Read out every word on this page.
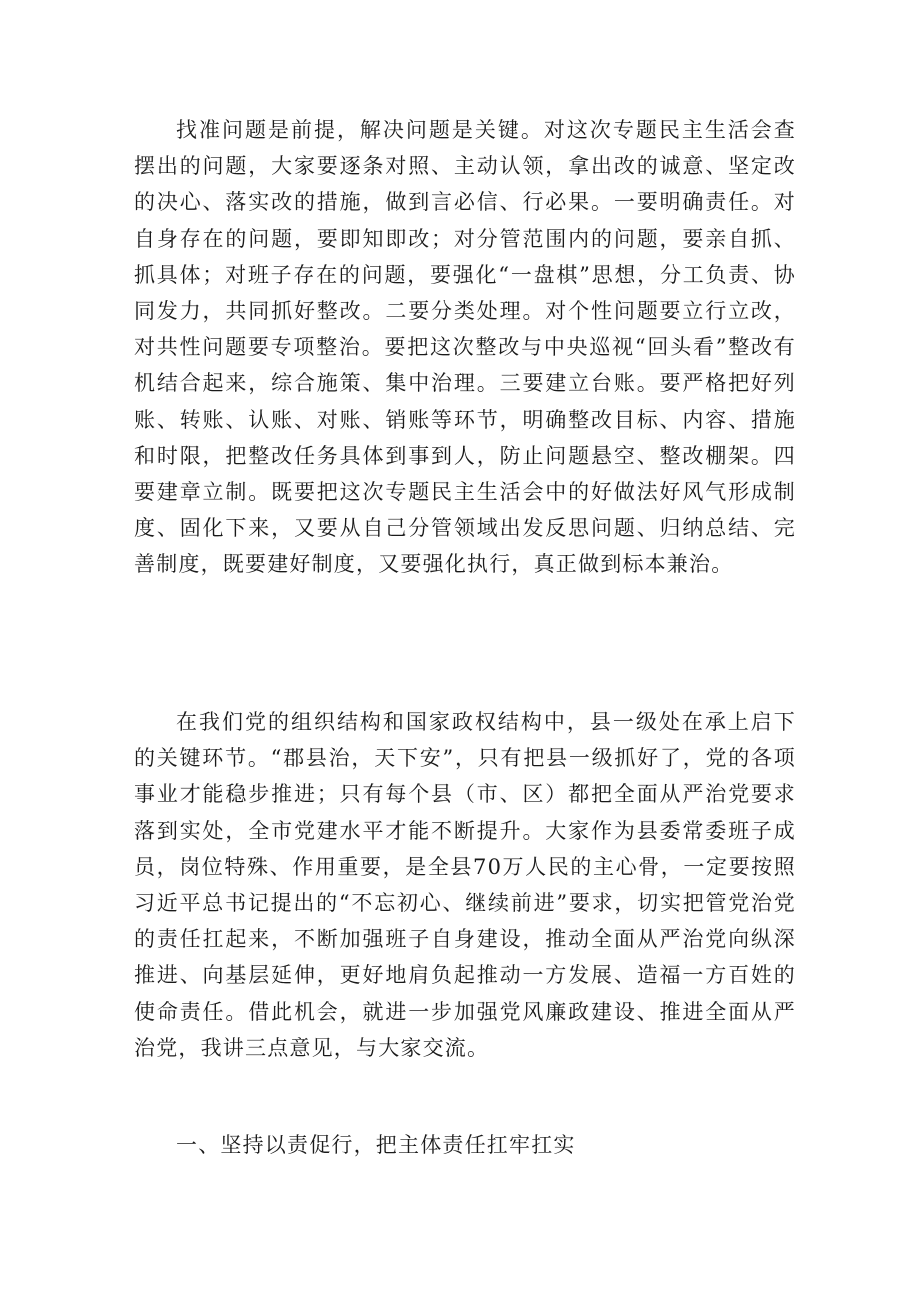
找准问题是前提，解决问题是关键。对这次专题民主生活会查摆出的问题，大家要逐条对照、主动认领，拿出改的诚意、坚定改的决心、落实改的措施，做到言必信、行必果。一要明确责任。对自身存在的问题，要即知即改；对分管范围内的问题，要亲自抓、抓具体；对班子存在的问题，要强化“一盘棋”思想，分工负责、协同发力，共同抓好整改。二要分类处理。对个性问题要立行立改，对共性问题要专项整治。要把这次整改与中央巡视“回头看”整改有机结合起来，综合施策、集中治理。三要建立台账。要严格把好列账、转账、认账、对账、销账等环节，明确整改目标、内容、措施和时限，把整改任务具体到事到人，防止问题悬空、整改棚架。四要建章立制。既要把这次专题民主生活会中的好做法好风气形成制度、固化下来，又要从自己分管领域出发反思问题、归纳总结、完善制度，既要建好制度，又要强化执行，真正做到标本兼治。

在我们党的组织结构和国家政权结构中，县一级处在承上启下的关键环节。“郡县治，天下安”，只有把县一级抓好了，党的各项事业才能稳步推进；只有每个县（市、区）都把全面从严治党要求落到实处，全市党建水平才能不断提升。大家作为县委常委班子成员，岗位特殊、作用重要，是全县70万人民的主心骨，一定要按照习近平总书记提出的“不忘初心、继续前进”要求，切实把管党治党的责任扛起来，不断加强班子自身建设，推动全面从严治党向纵深推进、向基层延伸，更好地肩负起推动一方发展、造福一方百姓的使命责任。借此机会，就进一步加强党风廉政建设、推进全面从严治党，我讲三点意见，与大家交流。

一、坚持以责促行，把主体责任扛牢扛实
